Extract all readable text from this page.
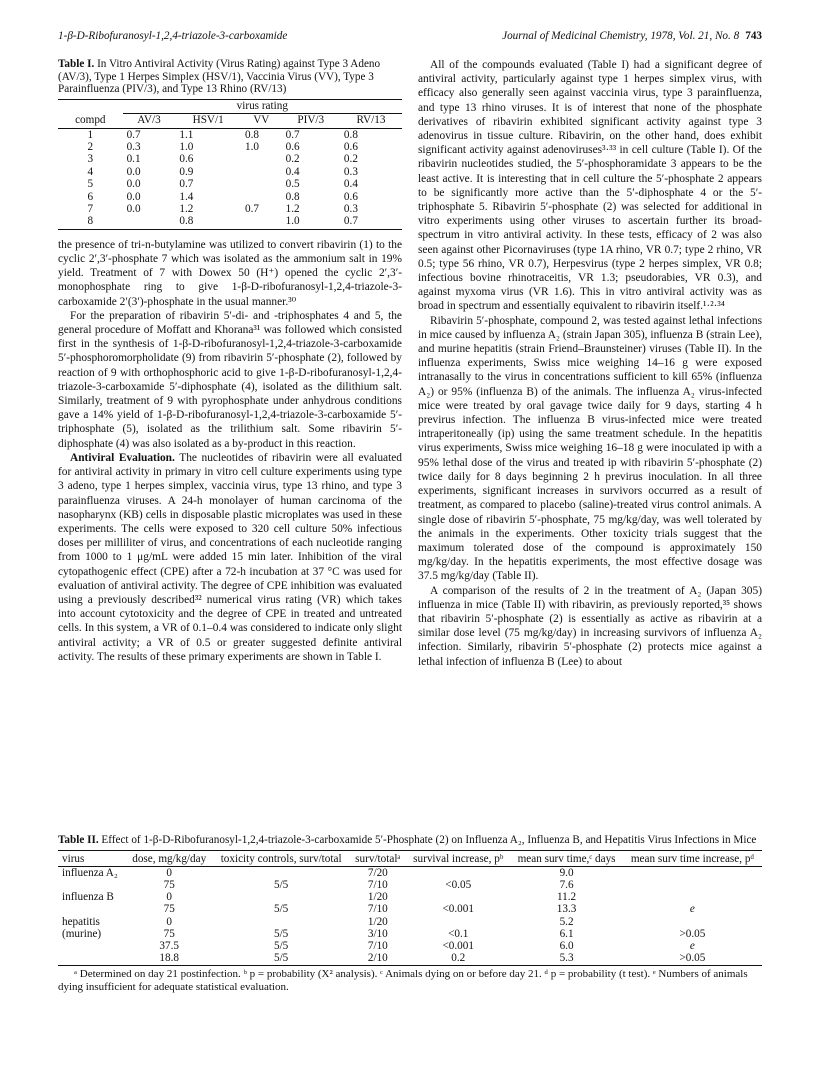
1-β-D-Ribofuranosyl-1,2,4-triazole-3-carboxamide	Journal of Medicinal Chemistry, 1978, Vol. 21, No. 8 743
Table I. In Vitro Antiviral Activity (Virus Rating) against Type 3 Adeno (AV/3), Type 1 Herpes Simplex (HSV/1), Vaccinia Virus (VV), Type 3 Parainfluenza (PIV/3), and Type 13 Rhino (RV/13)
	virus rating				
compd	AV/3	HSV/1	VV	PIV/3	RV/13
1	0.7	1.1	0.8	0.7	0.8
2	0.3	1.0	1.0	0.6	0.6
3	0.1	0.6		0.2	0.2
4	0.0	0.9		0.4	0.3
5	0.0	0.7		0.5	0.4
6	0.0	1.4		0.8	0.6
7	0.0	1.2	0.7	1.2	0.3
8		0.8		1.0	0.7

the presence of tri-n-butylamine was utilized to convert ribavirin (1) to the cyclic 2′,3′-phosphate 7 which was isolated as the ammonium salt in 19% yield. Treatment of 7 with Dowex 50 (H⁺) opened the cyclic 2′,3′-monophosphate ring to give 1-β-D-ribofuranosyl-1,2,4-triazole-3-carboxamide 2′(3′)-phosphate in the usual manner.³⁰

For the preparation of ribavirin 5′-di- and -triphosphates 4 and 5, the general procedure of Moffatt and Khorana³¹ was followed which consisted first in the synthesis of 1-β-D-ribofuranosyl-1,2,4-triazole-3-carboxamide 5′-phosphoromorpholidate (9) from ribavirin 5′-phosphate (2), followed by reaction of 9 with orthophosphoric acid to give 1-β-D-ribofuranosyl-1,2,4-triazole-3-carboxamide 5′-diphosphate (4), isolated as the dilithium salt. Similarly, treatment of 9 with pyrophosphate under anhydrous conditions gave a 14% yield of 1-β-D-ribofuranosyl-1,2,4-triazole-3-carboxamide 5′-triphosphate (5), isolated as the trilithium salt. Some ribavirin 5′-diphosphate (4) was also isolated as a by-product in this reaction.

Antiviral Evaluation. The nucleotides of ribavirin were all evaluated for antiviral activity in primary in vitro cell culture experiments using type 3 adeno, type 1 herpes simplex, vaccinia virus, type 13 rhino, and type 3 parainfluenza viruses. A 24-h monolayer of human carcinoma of the nasopharynx (KB) cells in disposable plastic microplates was used in these experiments. The cells were exposed to 320 cell culture 50% infectious doses per milliliter of virus, and concentrations of each nucleotide ranging from 1000 to 1 μg/mL were added 15 min later. Inhibition of the viral cytopathogenic effect (CPE) after a 72-h incubation at 37 °C was used for evaluation of antiviral activity. The degree of CPE inhibition was evaluated using a previously described³² numerical virus rating (VR) which takes into account cytotoxicity and the degree of CPE in treated and untreated cells. In this system, a VR of 0.1–0.4 was considered to indicate only slight antiviral activity; a VR of 0.5 or greater suggested definite antiviral activity. The results of these primary experiments are shown in Table I.

All of the compounds evaluated (Table I) had a significant degree of antiviral activity, particularly against type 1 herpes simplex virus, with efficacy also generally seen against vaccinia virus, type 3 parainfluenza, and type 13 rhino viruses. It is of interest that none of the phosphate derivatives of ribavirin exhibited significant activity against type 3 adenovirus in tissue culture. Ribavirin, on the other hand, does exhibit significant activity against adenoviruses³·³³ in cell culture (Table I). Of the ribavirin nucleotides studied, the 5′-phosphoramidate 3 appears to be the least active. It is interesting that in cell culture the 5′-phosphate 2 appears to be significantly more active than the 5′-diphosphate 4 or the 5′-triphosphate 5. Ribavirin 5′-phosphate (2) was selected for additional in vitro experiments using other viruses to ascertain further its broad-spectrum in vitro antiviral activity. In these tests, efficacy of 2 was also seen against other Picornaviruses (type 1A rhino, VR 0.7; type 2 rhino, VR 0.5; type 56 rhino, VR 0.7), Herpesvirus (type 2 herpes simplex, VR 0.8; infectious bovine rhinotraceitis, VR 1.3; pseudorabies, VR 0.3), and against myxoma virus (VR 1.6). This in vitro antiviral activity was as broad in spectrum and essentially equivalent to ribavirin itself.¹·²·³⁴

Ribavirin 5′-phosphate, compound 2, was tested against lethal infections in mice caused by influenza A₂ (strain Japan 305), influenza B (strain Lee), and murine hepatitis (strain Friend–Braunsteiner) viruses (Table II). In the influenza experiments, Swiss mice weighing 14–16 g were exposed intranasally to the virus in concentrations sufficient to kill 65% (influenza A₂) or 95% (influenza B) of the animals. The influenza A₂ virus-infected mice were treated by oral gavage twice daily for 9 days, starting 4 h previrus infection. The influenza B virus-infected mice were treated intraperitoneally (ip) using the same treatment schedule. In the hepatitis virus experiments, Swiss mice weighing 16–18 g were inoculated ip with a 95% lethal dose of the virus and treated ip with ribavirin 5′-phosphate (2) twice daily for 8 days beginning 2 h previrus inoculation. In all three experiments, significant increases in survivors occurred as a result of treatment, as compared to placebo (saline)-treated virus control animals. A single dose of ribavirin 5′-phosphate, 75 mg/kg/day, was well tolerated by the animals in the experiments. Other toxicity trials suggest that the maximum tolerated dose of the compound is approximately 150 mg/kg/day. In the hepatitis experiments, the most effective dosage was 37.5 mg/kg/day (Table II).

A comparison of the results of 2 in the treatment of A₂ (Japan 305) influenza in mice (Table II) with ribavirin, as previously reported,³⁵ shows that ribavirin 5′-phosphate (2) is essentially as active as ribavirin at a similar dose level (75 mg/kg/day) in increasing survivors of influenza A₂ infection. Similarly, ribavirin 5′-phosphate (2) protects mice against a lethal infection of influenza B (Lee) to about

Table II. Effect of 1-β-D-Ribofuranosyl-1,2,4-triazole-3-carboxamide 5′-Phosphate (2) on Influenza A₂, Influenza B, and Hepatitis Virus Infections in Mice
virus	dose, mg/kg/day	toxicity controls, surv/total	surv/totalᵃ	survival increase, pᵇ	mean surv time,ᶜ days	mean surv time increase, pᵈ
influenza A₂	0		7/20		9.0	
	75	5/5	7/10	<0.05	7.6	
influenza B	0		1/20		11.2	
	75	5/5	7/10	<0.001	13.3	e
hepatitis	0		1/20		5.2	
(murine)	75	5/5	3/10	<0.1	6.1	>0.05
	37.5	5/5	7/10	<0.001	6.0	e
	18.8	5/5	2/10	0.2	5.3	>0.05
ᵃ Determined on day 21 postinfection. ᵇ p = probability (X² analysis). ᶜ Animals dying on or before day 21. ᵈ p = probability (t test). ᵉ Numbers of animals dying insufficient for adequate statistical evaluation.
